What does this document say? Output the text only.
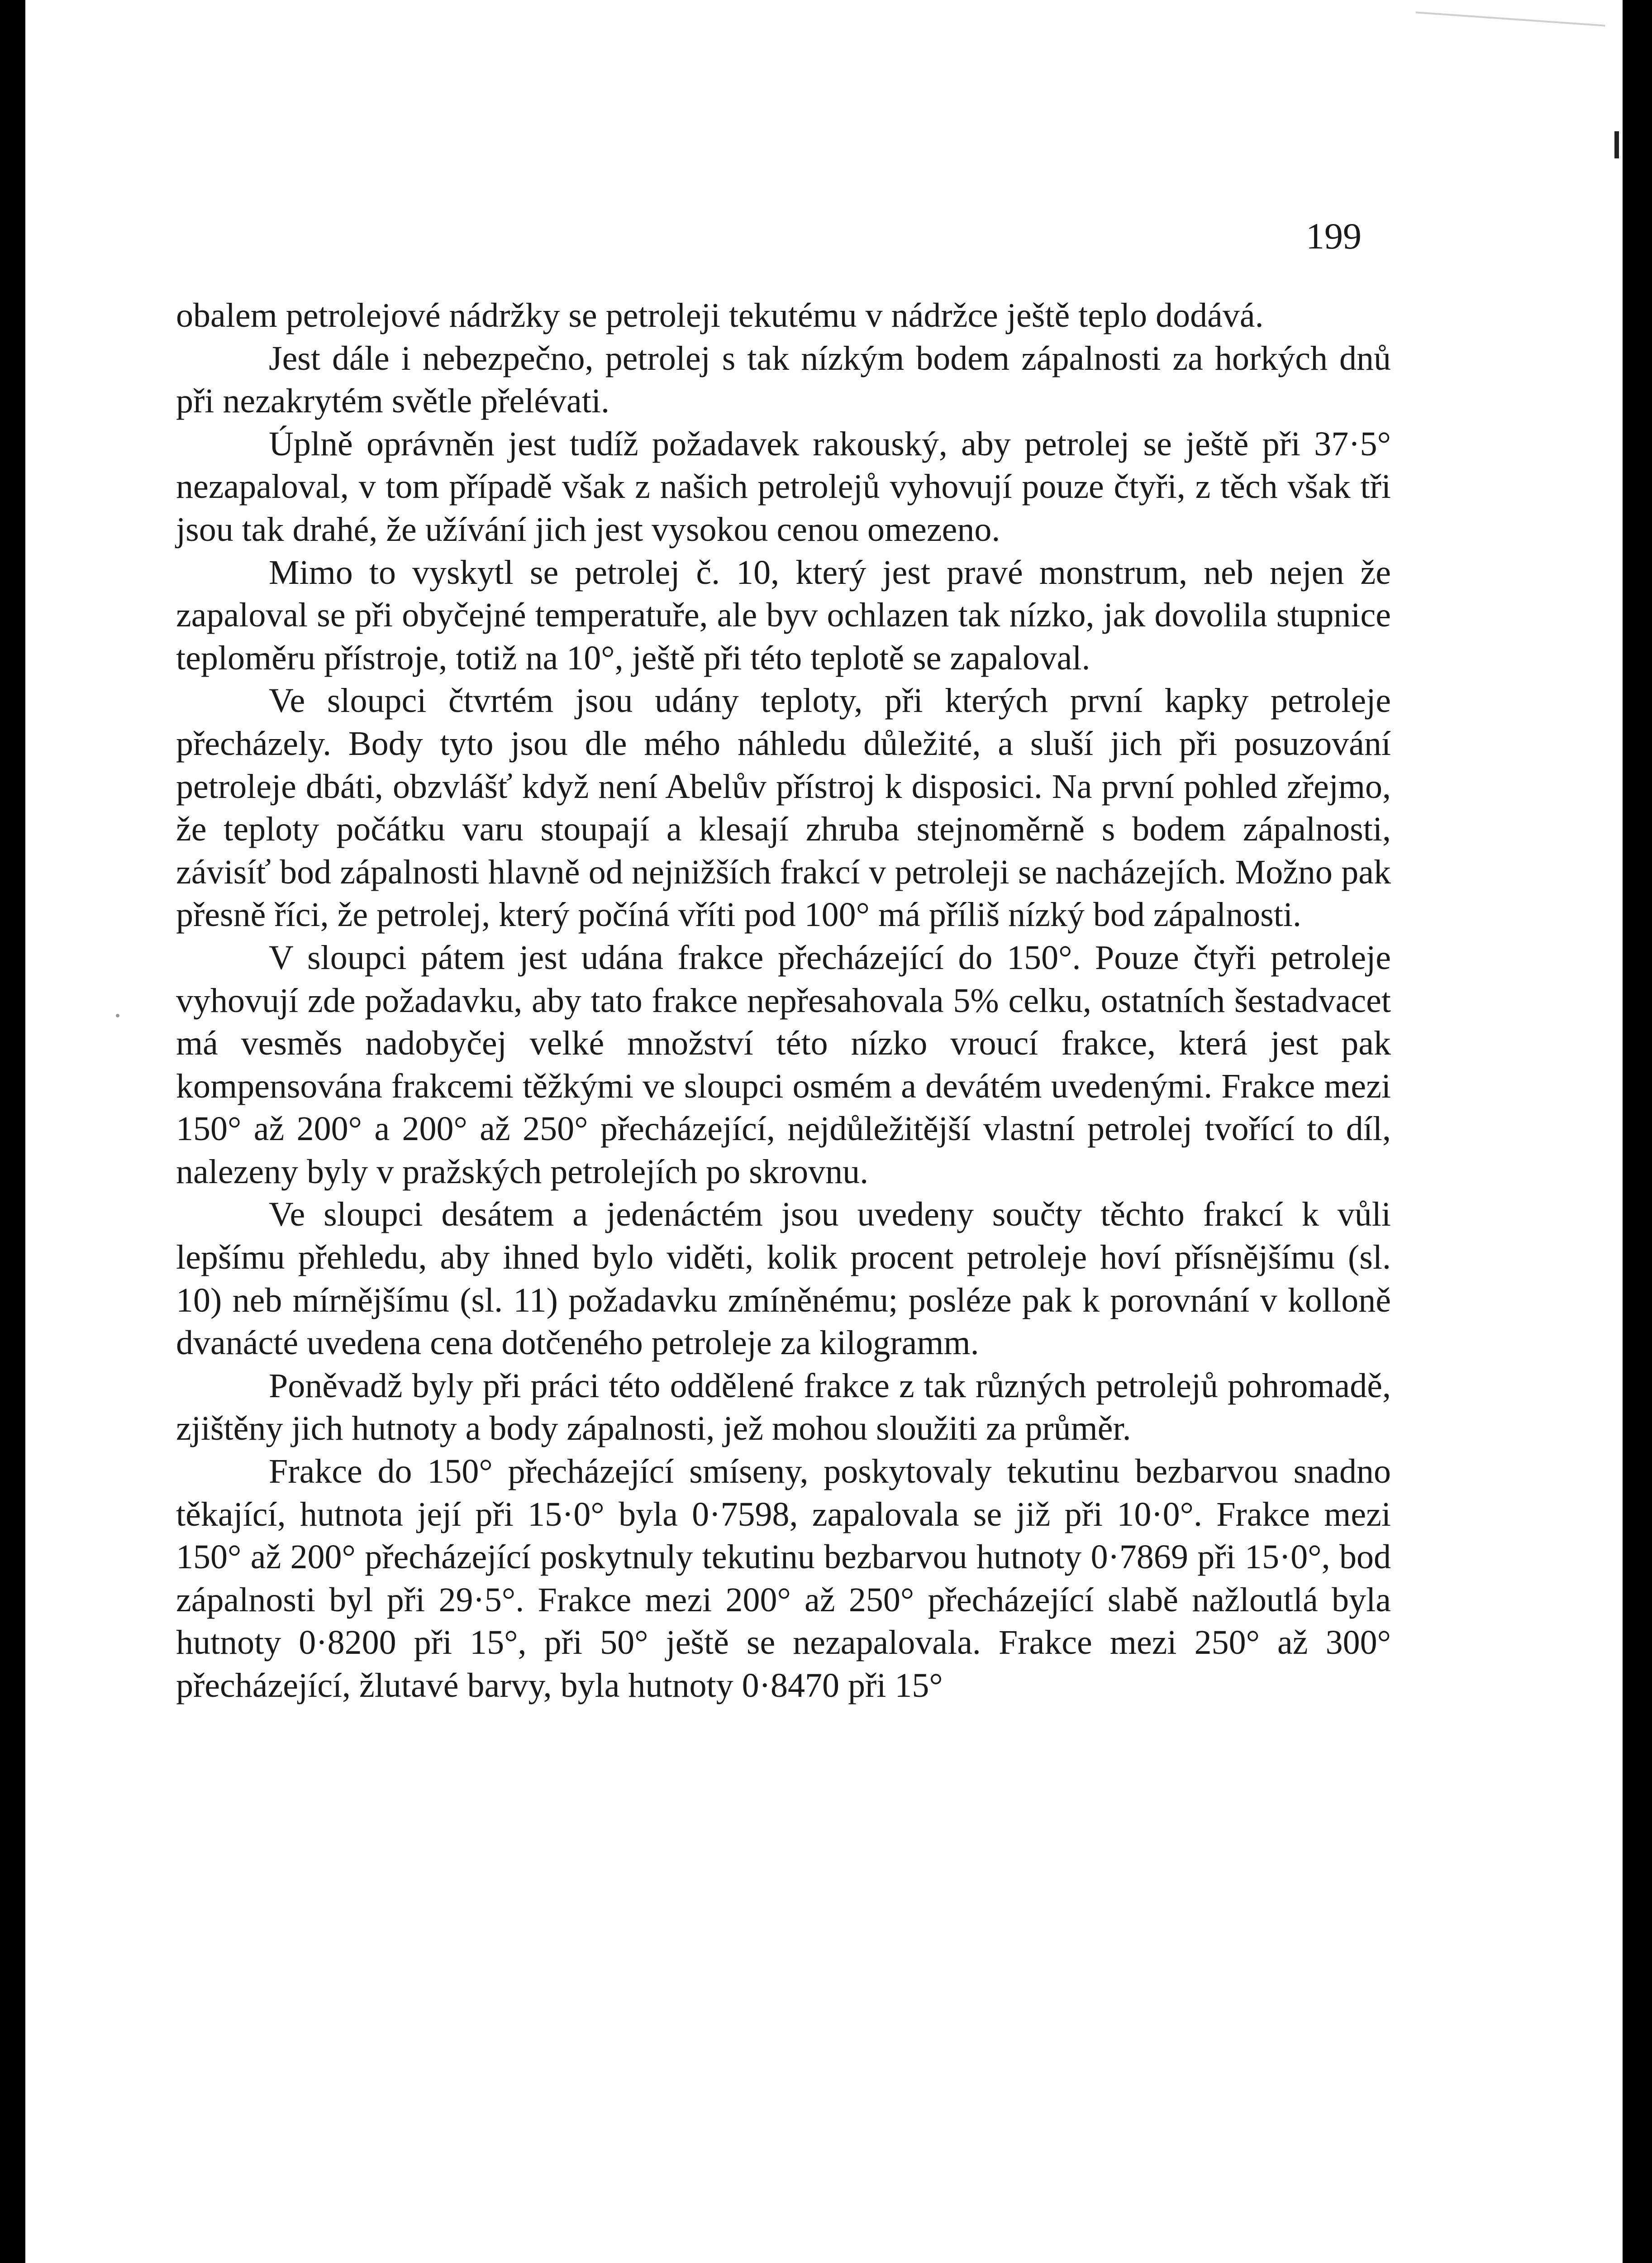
199

obalem petrolejové nádržky se petroleji tekutému v nádržce ještě teplo dodává.

Jest dále i nebezpečno, petrolej s tak nízkým bodem zápalnosti za horkých dnů při nezakrytém světle přelévati.

Úplně oprávněn jest tudíž požadavek rakouský, aby petrolej se ještě při 37·5° nezapaloval, v tom případě však z našich petrolejů vyhovují pouze čtyři, z těch však tři jsou tak drahé, že užívání jich jest vysokou cenou omezeno.

Mimo to vyskytl se petrolej č. 10, který jest pravé monstrum, neb nejen že zapaloval se při obyčejné temperatuře, ale byv ochlazen tak nízko, jak dovolila stupnice teploměru přístroje, totiž na 10°, ještě při této teplotě se zapaloval.

Ve sloupci čtvrtém jsou udány teploty, při kterých první kapky petroleje přecházely. Body tyto jsou dle mého náhledu důležité, a sluší jich při posuzování petroleje dbáti, obzvlášť když není Abelův přístroj k disposici. Na první pohled zřejmo, že teploty počátku varu stoupají a klesají zhruba stejnoměrně s bodem zápalnosti, závisíť bod zápalnosti hlavně od nejnižších frakcí v petroleji se nacházejích. Možno pak přesně říci, že petrolej, který počíná vříti pod 100° má příliš nízký bod zápalnosti.

V sloupci pátem jest udána frakce přecházející do 150°. Pouze čtyři petroleje vyhovují zde požadavku, aby tato frakce nepřesahovala 5% celku, ostatních šestadvacet má vesměs nadobyčej velké množství této nízko vroucí frakce, která jest pak kompensována frakcemi těžkými ve sloupci osmém a devátém uvedenými. Frakce mezi 150° až 200° a 200° až 250° přecházející, nejdůležitější vlastní petrolej tvořící to díl, nalezeny byly v pražských petrolejích po skrovnu.

Ve sloupci desátem a jedenáctém jsou uvedeny součty těchto frakcí k vůli lepšímu přehledu, aby ihned bylo viděti, kolik procent petroleje hoví přísnějšímu (sl. 10) neb mírnějšímu (sl. 11) požadavku zmíněnému; posléze pak k porovnání v kolloně dvanácté uvedena cena dotčeného petroleje za kilogramm.

Poněvadž byly při práci této oddělené frakce z tak různých petrolejů pohromadě, zjištěny jich hutnoty a body zápalnosti, jež mohou sloužiti za průměr.

Frakce do 150° přecházející smíseny, poskytovaly tekutinu bezbarvou snadno těkající, hutnota její při 15·0° byla 0·7598, zapalovala se již při 10·0°. Frakce mezi 150° až 200° přecházející poskytnuly tekutinu bezbarvou hutnoty 0·7869 při 15·0°, bod zápalnosti byl při 29·5°. Frakce mezi 200° až 250° přecházející slabě nažloutlá byla hutnoty 0·8200 při 15°, při 50° ještě se nezapalovala. Frakce mezi 250° až 300° přecházející, žlutavé barvy, byla hutnoty 0·8470 při 15°
